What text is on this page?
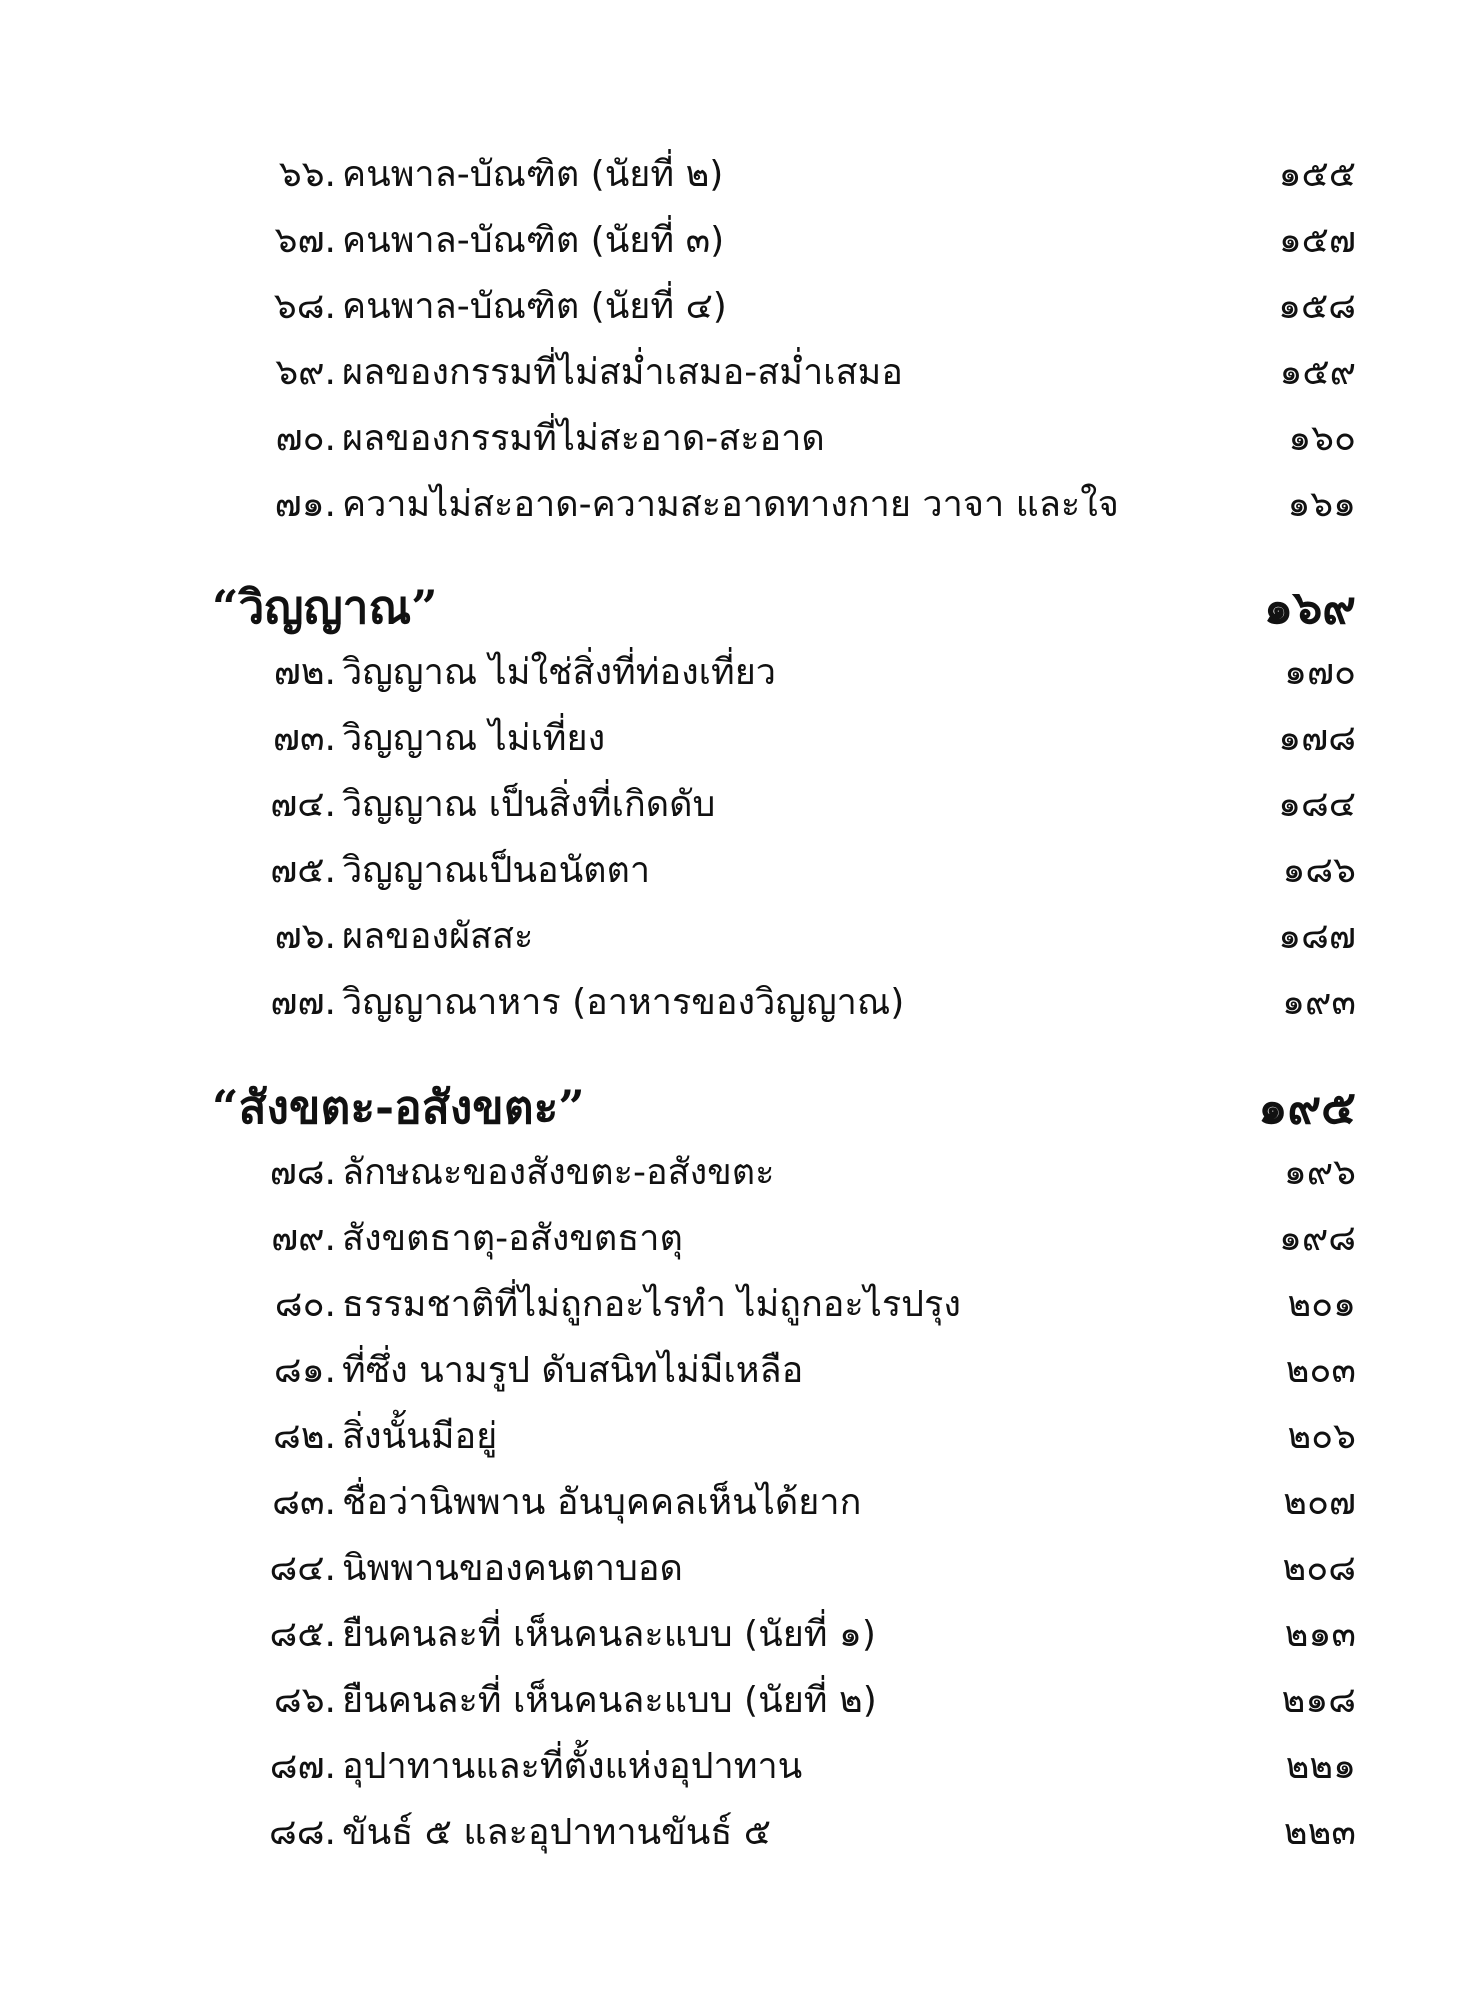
๖๖. คนพาล-บัณฑิต (นัยที่ ๒)	๑๕๕
๖๗. คนพาล-บัณฑิต (นัยที่ ๓)	๑๕๗
๖๘. คนพาล-บัณฑิต (นัยที่ ๔)	๑๕๘
๖๙. ผลของกรรมที่ไม่สม่ำเสมอ-สม่ำเสมอ	๑๕๙
๗๐. ผลของกรรมที่ไม่สะอาด-สะอาด	๑๖๐
๗๑. ความไม่สะอาด-ความสะอาดทางกาย วาจา และใจ	๑๖๑
“วิญญาณ”	๑๖๙
๗๒. วิญญาณ ไม่ใช่สิ่งที่ท่องเที่ยว	๑๗๐
๗๓. วิญญาณ ไม่เที่ยง	๑๗๘
๗๔. วิญญาณ เป็นสิ่งที่เกิดดับ	๑๘๔
๗๕. วิญญาณเป็นอนัตตา	๑๘๖
๗๖. ผลของผัสสะ	๑๘๗
๗๗. วิญญาณาหาร (อาหารของวิญญาณ)	๑๙๓
“สังขตะ-อสังขตะ”	๑๙๕
๗๘. ลักษณะของสังขตะ-อสังขตะ	๑๙๖
๗๙. สังขตธาตุ-อสังขตธาตุ	๑๙๘
๘๐. ธรรมชาติที่ไม่ถูกอะไรทำ ไม่ถูกอะไรปรุง	๒๐๑
๘๑. ที่ซึ่ง นามรูป ดับสนิทไม่มีเหลือ	๒๐๓
๘๒. สิ่งนั้นมีอยู่	๒๐๖
๘๓. ชื่อว่านิพพาน อันบุคคลเห็นได้ยาก	๒๐๗
๘๔. นิพพานของคนตาบอด	๒๐๘
๘๕. ยืนคนละที่ เห็นคนละแบบ (นัยที่ ๑)	๒๑๓
๘๖. ยืนคนละที่ เห็นคนละแบบ (นัยที่ ๒)	๒๑๘
๘๗. อุปาทานและที่ตั้งแห่งอุปาทาน	๒๒๑
๘๘. ขันธ์ ๕ และอุปาทานขันธ์ ๕	๒๒๓
